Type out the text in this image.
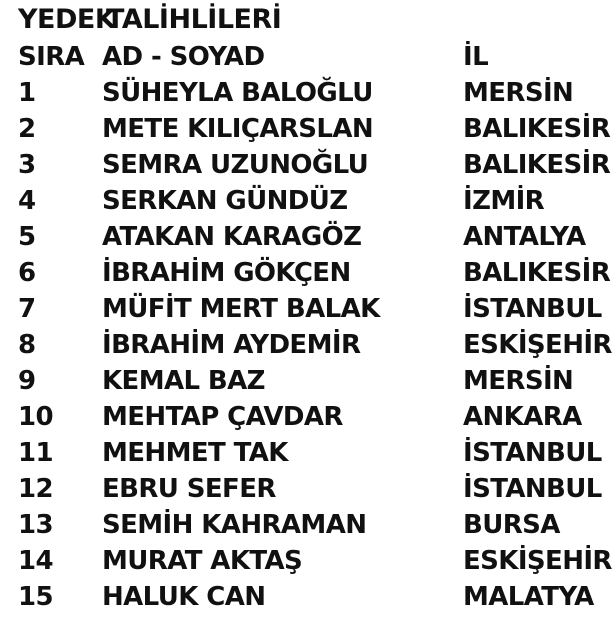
YEDEK
TALİHLİLERİ
SIRA AD - SOYAD	İL
1	SÜHEYLA BALOĞLU	MERSİN
2	METE KILIÇARSLAN	BALIKESİR
3	SEMRA UZUNOĞLU	BALIKESİR
4	SERKAN GÜNDÜZ	İZMİR
5	ATAKAN KARAGÖZ	ANTALYA
6	İBRAHİM GÖKÇEN	BALIKESİR
7	MÜFİT MERT BALAK	İSTANBUL
8	İBRAHİM AYDEMİR	ESKİŞEHİR
9	KEMAL BAZ	MERSİN
10 MEHTAP ÇAVDAR	ANKARA
11 MEHMET TAK	İSTANBUL
12 EBRU SEFER	İSTANBUL
13 SEMİH KAHRAMAN	BURSA
14 MURAT AKTAŞ	ESKİŞEHİR
15 HALUK CAN	MALATYA
